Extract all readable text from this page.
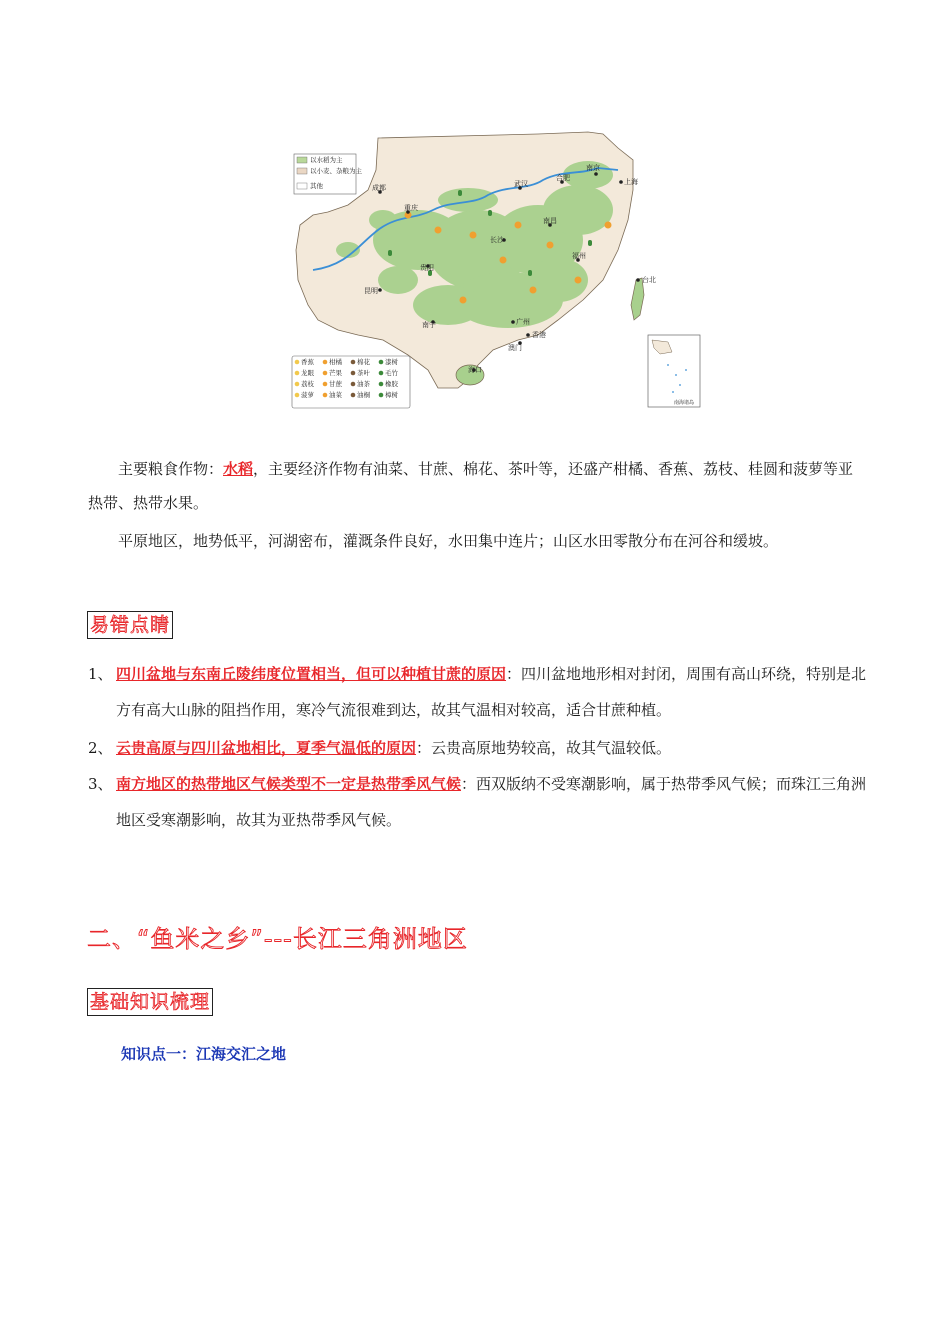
成都
重庆
武汉
合肥
南京
上海
长沙
南昌
贵阳
福州
台北
昆明
南宁	广州
香港
澳门
海口
以水稻为主
以小麦、杂粮为主
其他
香蕉 柑橘 棉花 漆树
龙眼 芒果 茶叶 毛竹
荔枝 甘蔗 油茶 橡胶
菠萝 油菜 油桐 樟树
南海诸岛
主要粮食作物：水稻，主要经济作物有油菜、甘蔗、棉花、茶叶等，还盛产柑橘、香蕉、荔枝、桂圆和菠萝等亚热带、热带水果。
平原地区，地势低平，河湖密布，灌溉条件良好，水田集中连片；山区水田零散分布在河谷和缓坡。
易错点睛
1、 四川盆地与东南丘陵纬度位置相当，但可以种植甘蔗的原因：四川盆地地形相对封闭，周围有高山环绕，特别是北方有高大山脉的阻挡作用，寒冷气流很难到达，故其气温相对较高，适合甘蔗种植。
2、 云贵高原与四川盆地相比，夏季气温低的原因：云贵高原地势较高，故其气温较低。
3、 南方地区的热带地区气候类型不一定是热带季风气候：西双版纳不受寒潮影响，属于热带季风气候；而珠江三角洲地区受寒潮影响，故其为亚热带季风气候。
二、“鱼米之乡”---长江三角洲地区
基础知识梳理
知识点一：江海交汇之地
